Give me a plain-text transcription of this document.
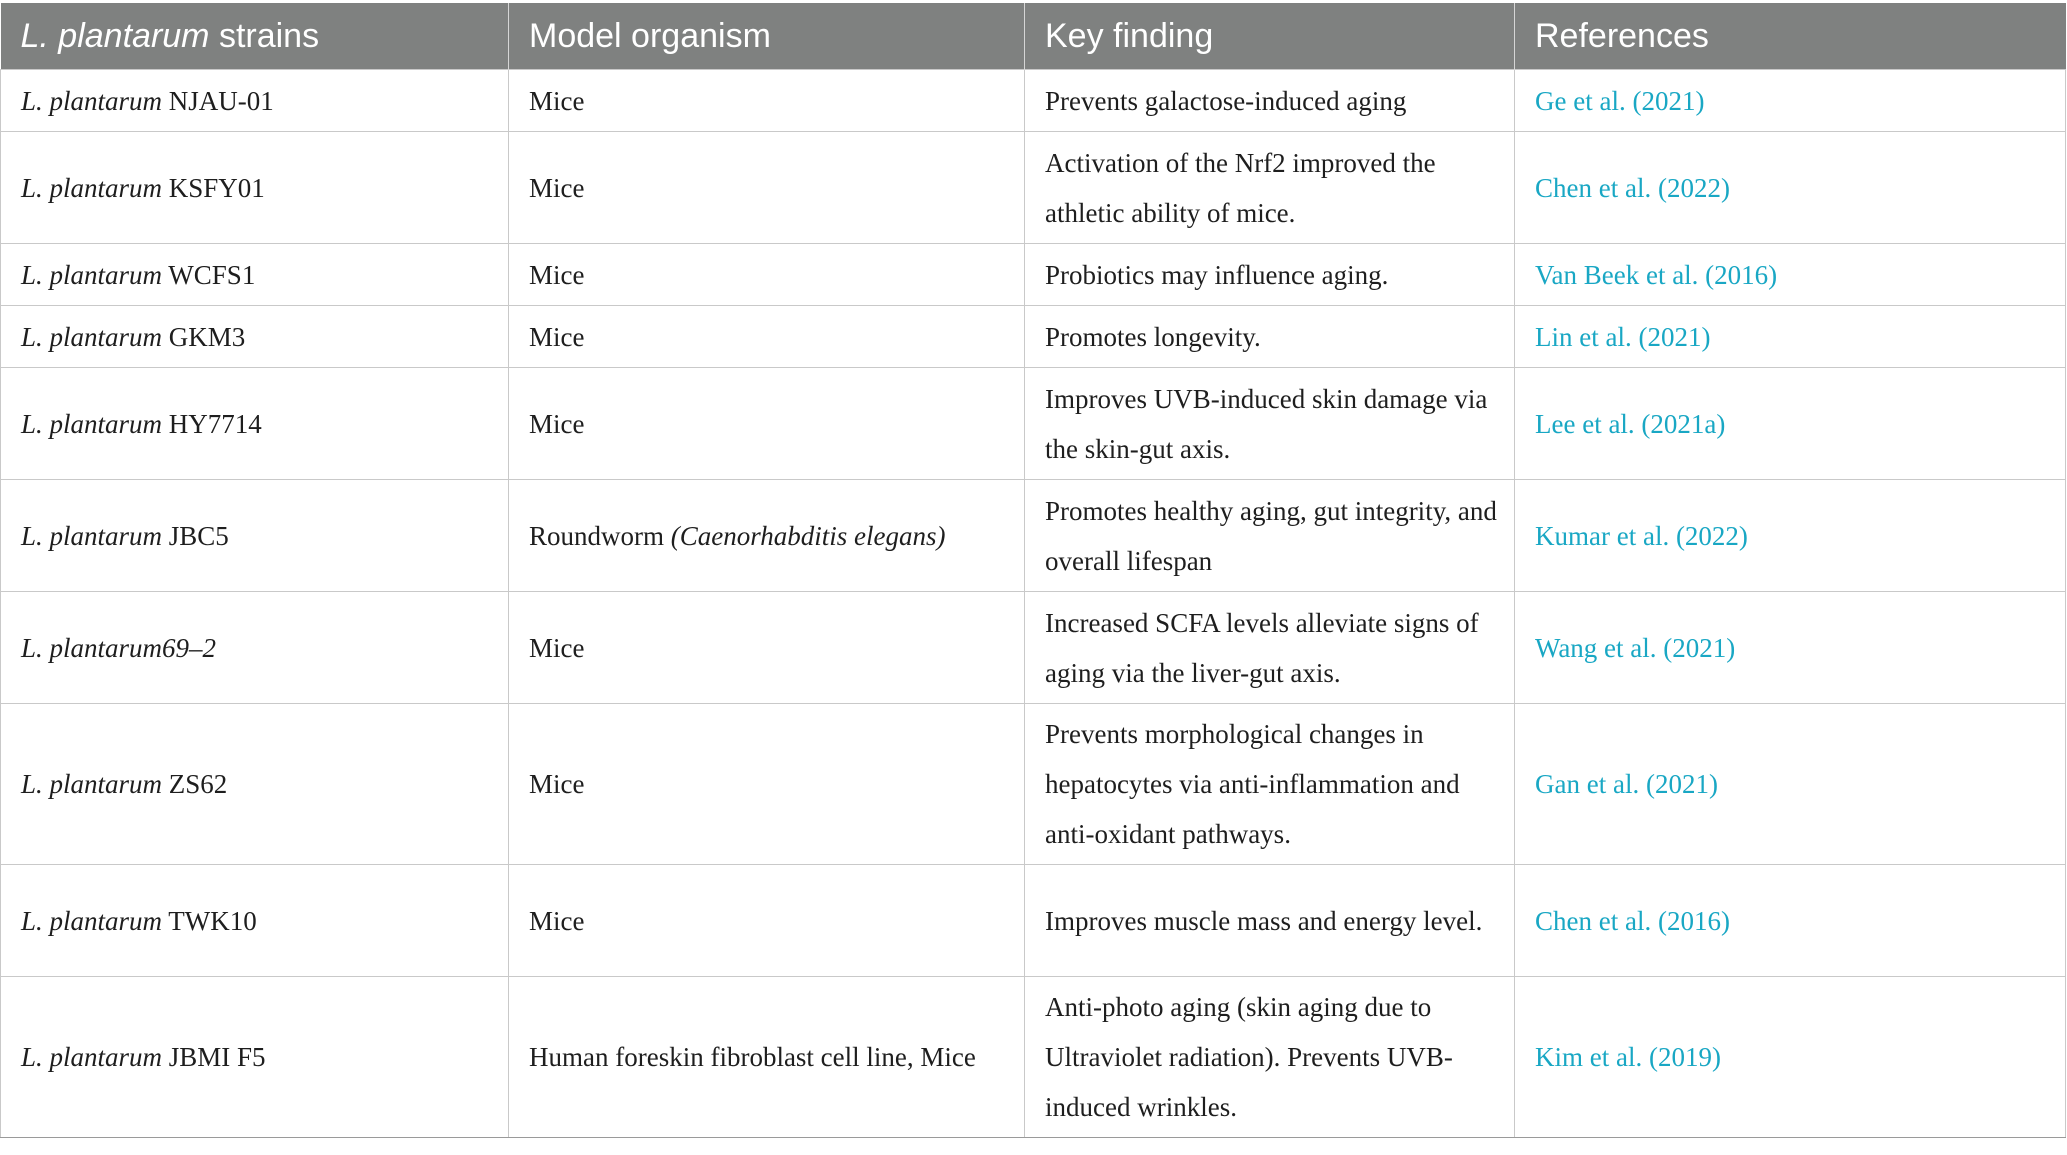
L. plantarum strains	Model organism	Key finding	References
L. plantarum NJAU-01	Mice	Prevents galactose-induced aging	Ge et al. (2021)
L. plantarum KSFY01	Mice	Activation of the Nrf2 improved the athletic ability of mice.	Chen et al. (2022)
L. plantarum WCFS1	Mice	Probiotics may influence aging.	Van Beek et al. (2016)
L. plantarum GKM3	Mice	Promotes longevity.	Lin et al. (2021)
L. plantarum HY7714	Mice	Improves UVB-induced skin damage via the skin-gut axis.	Lee et al. (2021a)
L. plantarum JBC5	Roundworm (Caenorhabditis elegans)	Promotes healthy aging, gut integrity, and overall lifespan	Kumar et al. (2022)
L. plantarum69–2	Mice	Increased SCFA levels alleviate signs of aging via the liver-gut axis.	Wang et al. (2021)
L. plantarum ZS62	Mice	Prevents morphological changes in hepatocytes via anti-inflammation and anti-oxidant pathways.	Gan et al. (2021)
L. plantarum TWK10	Mice	Improves muscle mass and energy level.	Chen et al. (2016)
L. plantarum JBMI F5	Human foreskin fibroblast cell line, Mice	Anti-photo aging (skin aging due to Ultraviolet radiation). Prevents UVB-induced wrinkles.	Kim et al. (2019)
